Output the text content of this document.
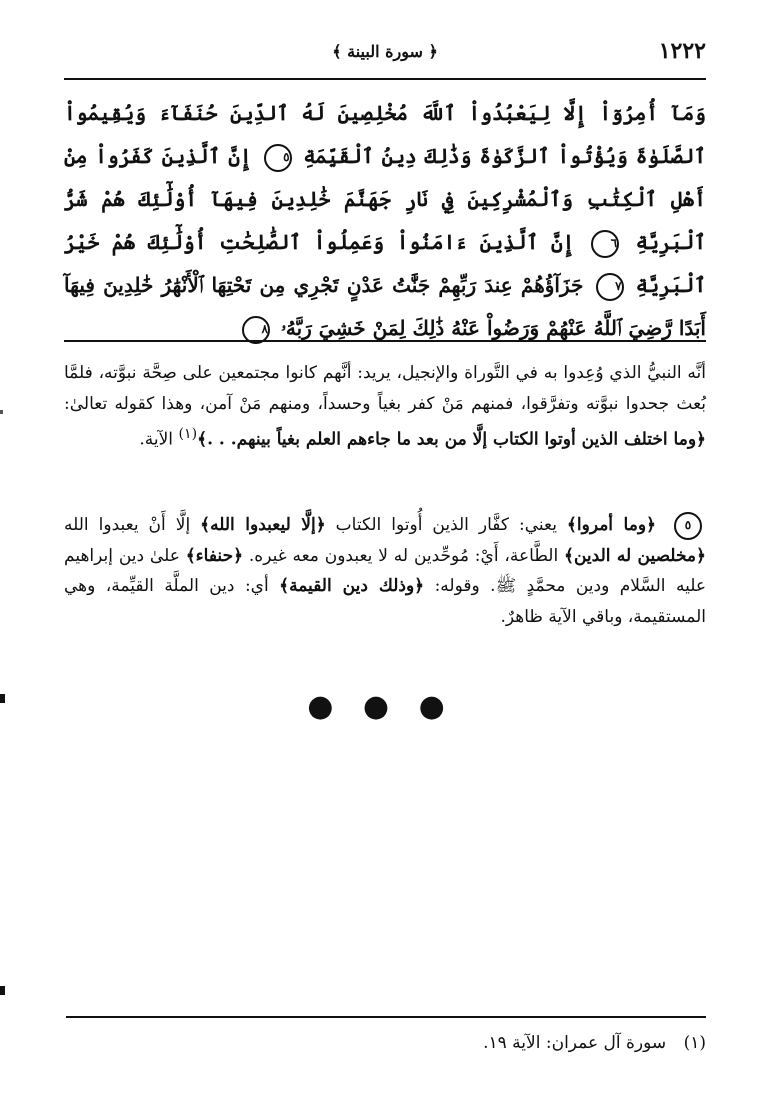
١٢٢٢
﴿ سورة البينة ﴾
وَمَآ أُمِرُوٓاْ إِلَّا لِيَعْبُدُواْ ٱللَّهَ مُخْلِصِينَ لَهُ ٱلدِّينَ حُنَفَآءَ وَيُقِيمُواْ ٱلصَّلَوٰةَ وَيُؤْتُواْ ٱلزَّكَوٰةَ وَذَٰلِكَ دِينُ ٱلْقَيِّمَةِ ٥ إِنَّ ٱلَّذِينَ كَفَرُواْ مِنْ أَهْلِ ٱلْكِتَٰبِ وَٱلْمُشْرِكِينَ فِي نَارِ جَهَنَّمَ خَٰلِدِينَ فِيهَآ أُوْلَٰٓئِكَ هُمْ شَرُّ ٱلْبَرِيَّةِ ٦ إِنَّ ٱلَّذِينَ ءَامَنُواْ وَعَمِلُواْ ٱلصَّٰلِحَٰتِ أُوْلَٰٓئِكَ هُمْ خَيْرُ ٱلْبَرِيَّةِ ٧ جَزَآؤُهُمْ عِندَ رَبِّهِمْ جَنَّٰتُ عَدْنٍ تَجْرِي مِن تَحْتِهَا ٱلْأَنْهَٰرُ خَٰلِدِينَ فِيهَآ أَبَدًا رَّضِيَ ٱللَّهُ عَنْهُمْ وَرَضُواْ عَنْهُ ذَٰلِكَ لِمَنْ خَشِيَ رَبَّهُۥ ٨
أنَّه النبيُّ الذي وُعِدوا به في التَّوراة والإنجيل، يريد: أنَّهم كانوا مجتمعين على صِحَّة نبوَّته، فلمَّا بُعث جحدوا نبوَّته وتفرَّقوا، فمنهم مَنْ كفر بغياً وحسداً، ومنهم مَنْ آمن، وهذا كقوله تعالىٰ: ﴿وما اختلف الذين أوتوا الكتاب إلَّا من بعد ما جاءهم العلم بغياً بينهم. . .﴾$^{(١)}$ الآية.
٥ ﴿وما أمروا﴾ يعني: كفَّار الذين أُوتوا الكتاب ﴿إلَّا ليعبدوا الله﴾ إلَّا أَنْ يعبدوا الله ﴿مخلصين له الدين﴾ الطَّاعة، أَيْ: مُوحِّدين له لا يعبدون معه غيره. ﴿حنفاء﴾ علىٰ دين إبراهيم عليه السَّلام ودين محمَّدٍ ﷺ. وقوله: ﴿وذلك دين القيمة﴾ أي: دين الملَّة القيِّمة، وهي المستقيمة، وباقي الآية ظاهرٌ.
● ● ●
(١) سورة آل عمران: الآية ١٩.
